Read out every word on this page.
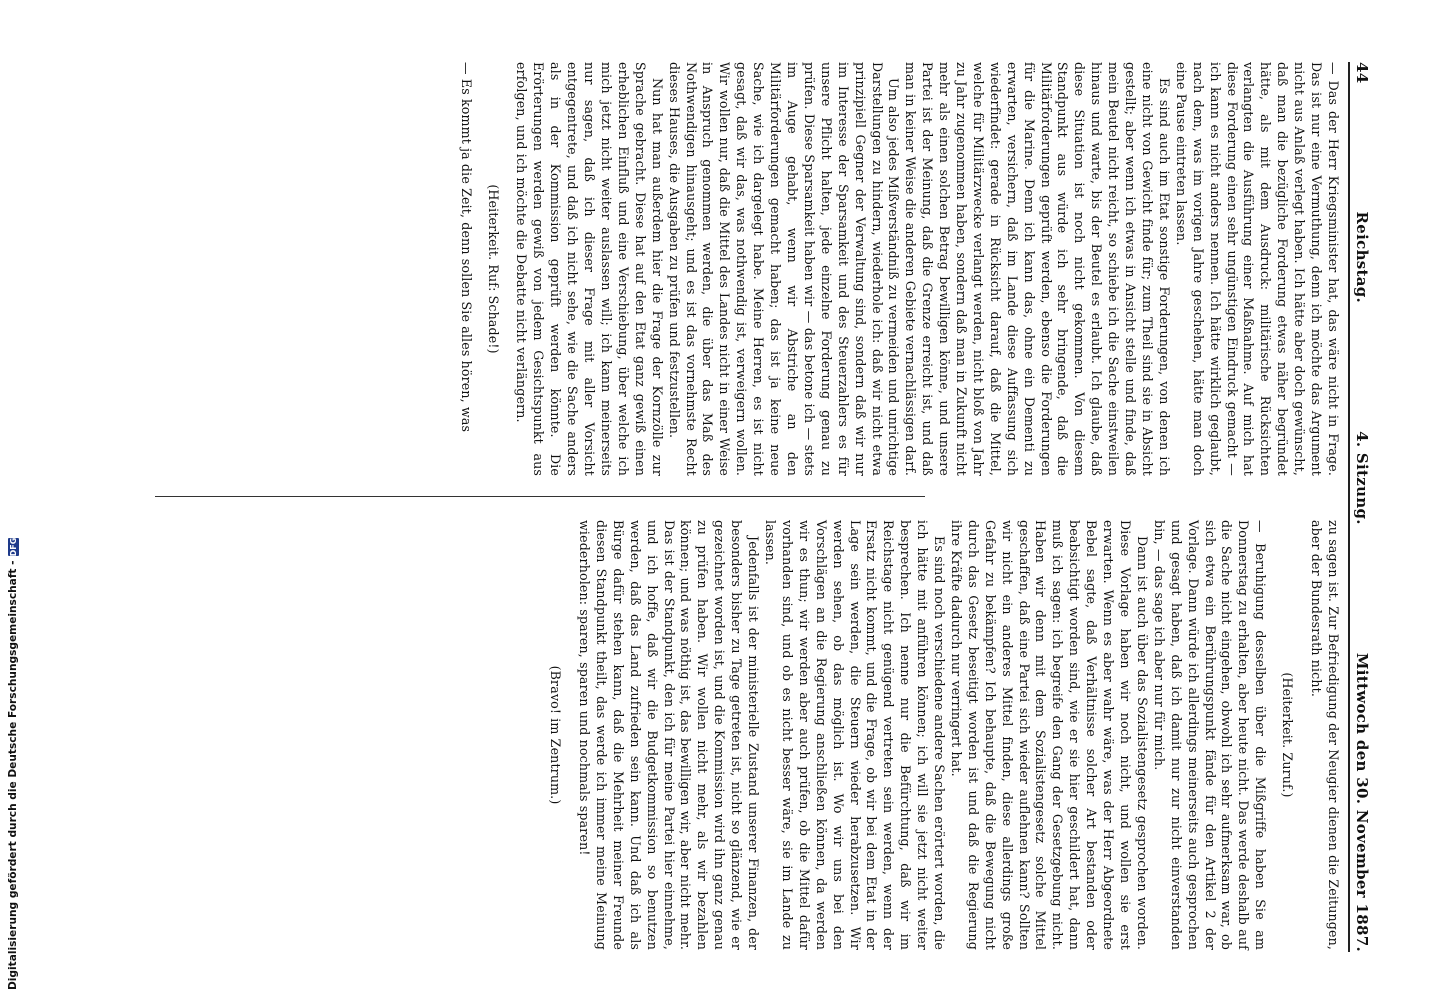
44
Reichstag.
4. Sitzung.
Mittwoch den 30. November 1887.

— Das der Herr Kriegsminister hat, das wäre nicht in Frage. Das ist nur eine Vermuthung, denn ich möchte das Argument nicht aus Anlaß verlegt haben. Ich hätte aber doch gewünscht, daß man die bezügliche Forderung etwas näher begründet hätte, als mit dem Ausdruck: militärische Rücksichten verlangten die Ausführung einer Maßnahme. Auf mich hat diese Forderung einen sehr ungünstigen Eindruck gemacht — ich kann es nicht anders nennen. Ich hätte wirklich geglaubt, nach dem, was im vorigen Jahre geschehen, hätte man doch eine Pause eintreten lassen.

Es sind auch im Etat sonstige Forderungen, von denen ich eine nicht von Gewicht finde für; zum Theil sind sie in Absicht gestellt; aber wenn ich etwas in Ansicht stelle und finde, daß mein Beutel nicht reicht, so schiebe ich die Sache einstweilen hinaus und warte, bis der Beutel es erlaubt. Ich glaube, daß diese Situation ist noch nicht gekommen. Von diesem Standpunkt aus würde ich sehr bringende, daß die Militärforderungen geprüft werden, ebenso die Forderungen für die Marine. Denn ich kann das, ohne ein Dementi zu erwarten, versichern, daß im Lande diese Auffassung sich wiederfindet: gerade in Rücksicht darauf, daß die Mittel, welche für Militärzwecke verlangt werden, nicht bloß von Jahr zu Jahr zugenommen haben, sondern daß man in Zukunft nicht mehr als einen solchen Betrag bewilligen könne, und unsere Partei ist der Meinung, daß die Grenze erreicht ist, und daß man in keiner Weise die anderen Gebiete vernachlässigen darf.

Um also jedes Mißverständniß zu vermeiden und unrichtige Darstellungen zu hindern, wiederhole ich: daß wir nicht etwa prinzipiell Gegner der Verwaltung sind, sondern daß wir nur im Interesse der Sparsamkeit und des Steuerzahlers es für unsere Pflicht halten, jede einzelne Forderung genau zu prüfen. Diese Sparsamkeit haben wir — das betone ich — stets im Auge gehabt, wenn wir Abstriche an den Militärforderungen gemacht haben; das ist ja keine neue Sache, wie ich dargelegt habe. Meine Herren, es ist nicht gesagt, daß wir das, was nothwendig ist, verweigern wollen. Wir wollen nur, daß die Mittel des Landes nicht in einer Weise in Anspruch genommen werden, die über das Maß des Nothwendigen hinausgeht; und es ist das vornehmste Recht dieses Hauses, die Ausgaben zu prüfen und festzustellen.

Nun hat man außerdem hier die Frage der Kornzölle zur Sprache gebracht. Diese hat auf den Etat ganz gewiß einen erheblichen Einfluß und eine Verschiebung, über welche ich mich jetzt nicht weiter auslassen will; ich kann meinerseits nur sagen, daß ich dieser Frage mit aller Vorsicht entgegentrete, und daß ich nicht sehe, wie die Sache anders als in der Kommission geprüft werden könnte. Die Erörterungen werden gewiß von jedem Gesichtspunkt aus erfolgen, und ich möchte die Debatte nicht verlängern.

(Heiterkeit. Ruf: Schade!)

— Es kommt ja die Zeit, denn sollen Sie alles hören, was

zu sagen ist. Zur Befriedigung der Neugier dienen die Zeitungen, aber der Bundesrath nicht.

(Heiterkeit. Zuruf.)

— Beruhigung desselben über die Mißgriffe haben Sie am Donnerstag zu erhalten, aber heute nicht. Das werde deshalb auf die Sache nicht eingehen, obwohl ich sehr aufmerksam war, ob sich etwa ein Berührungspunkt fände für den Artikel 2 der Vorlage. Dann würde ich allerdings meinerseits auch gesprochen und gesagt haben, daß ich damit nur zur nicht einverstanden bin, — das sage ich aber nur für mich.

Dann ist auch über das Sozialistengesetz gesprochen worden. Diese Vorlage haben wir noch nicht, und wollen sie erst erwarten. Wenn es aber wahr wäre, was der Herr Abgeordnete Bebel sagte, daß Verhältnisse solcher Art bestanden oder beabsichtigt worden sind, wie er sie hier geschildert hat, dann muß ich sagen: ich begreife den Gang der Gesetzgebung nicht. Haben wir denn mit dem Sozialistengesetz solche Mittel geschaffen, daß eine Partei sich wieder auflehnen kann? Sollten wir nicht ein anderes Mittel finden, diese allerdings große Gefahr zu bekämpfen? Ich behaupte, daß die Bewegung nicht durch das Gesetz beseitigt worden ist und daß die Regierung ihre Kräfte dadurch nur verringert hat.

Es sind noch verschiedene andere Sachen erörtert worden, die ich hätte mit anführen können; ich will sie jetzt nicht weiter besprechen. Ich nenne nur die Befürchtung, daß wir im Reichstage nicht genügend vertreten sein werden, wenn der Ersatz nicht kommt, und die Frage, ob wir bei dem Etat in der Lage sein werden, die Steuern wieder herabzusetzen. Wir werden sehen, ob das möglich ist. Wo wir uns bei den Vorschlägen an die Regierung anschließen können, da werden wir es thun; wir werden aber auch prüfen, ob die Mittel dafür vorhanden sind, und ob es nicht besser wäre, sie im Lande zu lassen.

Jedenfalls ist der ministerielle Zustand unserer Finanzen, der besonders bisher zu Tage getreten ist, nicht so glänzend, wie er gezeichnet worden ist, und die Kommission wird ihn ganz genau zu prüfen haben. Wir wollen nicht mehr, als wir bezahlen können; und was nöthig ist, das bewilligen wir, aber nicht mehr. Das ist der Standpunkt, den ich für meine Partei hier einnehme, und ich hoffe, daß wir die Budgetkommission so benutzen werden, daß das Land zufrieden sein kann. Und daß ich als Bürge dafür stehen kann, daß die Mehrheit meiner Freunde diesen Standpunkt theilt, das werde ich immer meine Meinung wiederholen: sparen, sparen und nochmals sparen!

(Bravo! im Zentrum.)

Digitalisierung gefördert durch die Deutsche Forschungsgemeinschaft -
DFG
